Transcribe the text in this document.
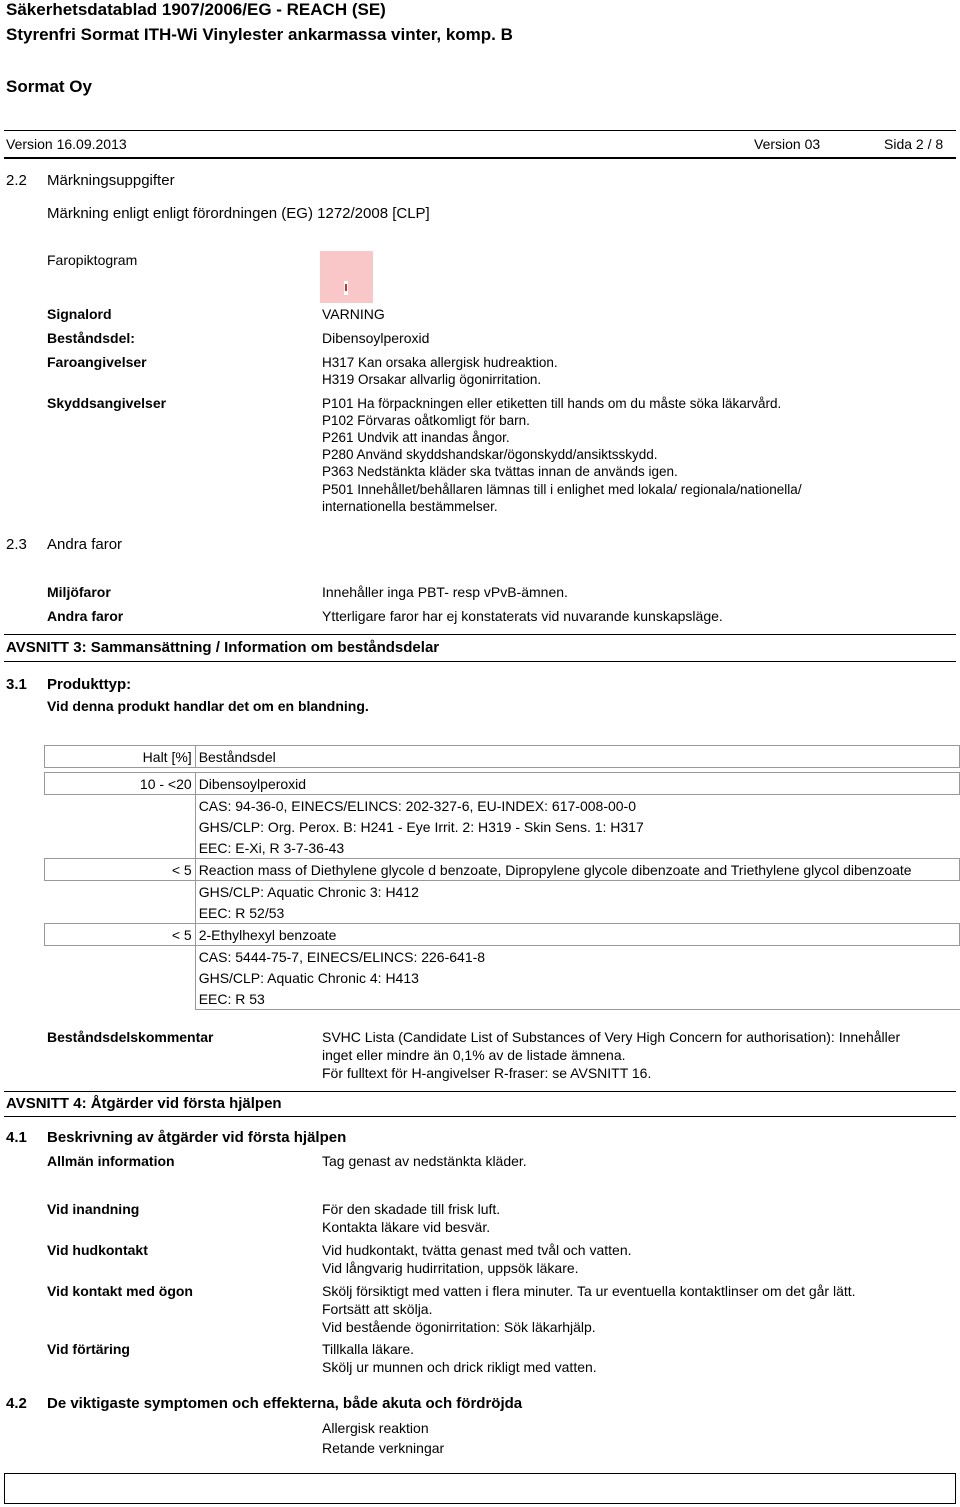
Säkerhetsdatablad 1907/2006/EG - REACH (SE)
Styrenfri Sormat ITH-Wi Vinylester ankarmassa vinter, komp. B
Sormat Oy
Version 16.09.2013	Version 03	Sida 2 / 8
2.2 Märkningsuppgifter
Märkning enligt enligt förordningen (EG) 1272/2008 [CLP]
Faropiktogram
Signalord	VARNING
Beståndsdel:	Dibensoylperoxid
Faroangivelser	H317 Kan orsaka allergisk hudreaktion.
H319 Orsakar allvarlig ögonirritation.
Skyddsangivelser	P101 Ha förpackningen eller etiketten till hands om du måste söka läkarvård.
P102 Förvaras oåtkomligt för barn.
P261 Undvik att inandas ångor.
P280 Använd skyddshandskar/ögonskydd/ansiktsskydd.
P363 Nedstänkta kläder ska tvättas innan de används igen.
P501 Innehållet/behållaren lämnas till i enlighet med lokala/ regionala/nationella/
internationella bestämmelser.
2.3 Andra faror
Miljöfaror	Innehåller inga PBT- resp vPvB-ämnen.
Andra faror	Ytterligare faror har ej konstaterats vid nuvarande kunskapsläge.
AVSNITT 3: Sammansättning / Information om beståndsdelar
3.1 Produkttyp:
Vid denna produkt handlar det om en blandning.
Halt [%]	Beståndsdel

10 - <20	Dibensoylperoxid
	CAS: 94-36-0, EINECS/ELINCS: 202-327-6, EU-INDEX: 617-008-00-0
	GHS/CLP: Org. Perox. B: H241 - Eye Irrit. 2: H319 - Skin Sens. 1: H317
	EEC: E-Xi, R 3-7-36-43
< 5	Reaction mass of Diethylene glycole d benzoate, Dipropylene glycole dibenzoate and Triethylene glycol dibenzoate
	GHS/CLP: Aquatic Chronic 3: H412
	EEC: R 52/53
< 5	2-Ethylhexyl benzoate
	CAS: 5444-75-7, EINECS/ELINCS: 226-641-8
	GHS/CLP: Aquatic Chronic 4: H413
	EEC: R 53
Beståndsdelskommentar	SVHC Lista (Candidate List of Substances of Very High Concern for authorisation): Innehåller
inget eller mindre än 0,1% av de listade ämnena.
För fulltext för H-angivelser R-fraser: se AVSNITT 16.
AVSNITT 4: Åtgärder vid första hjälpen
4.1 Beskrivning av åtgärder vid första hjälpen
Allmän information	Tag genast av nedstänkta kläder.
Vid inandning	För den skadade till frisk luft.
Kontakta läkare vid besvär.
Vid hudkontakt	Vid hudkontakt, tvätta genast med tvål och vatten.
Vid långvarig hudirritation, uppsök läkare.
Vid kontakt med ögon	Skölj försiktigt med vatten i flera minuter. Ta ur eventuella kontaktlinser om det går lätt.
Fortsätt att skölja.
Vid bestående ögonirritation: Sök läkarhjälp.
Vid förtäring	Tillkalla läkare.
Skölj ur munnen och drick rikligt med vatten.
4.2 De viktigaste symptomen och effekterna, både akuta och fördröjda
Allergisk reaktion
Retande verkningar
